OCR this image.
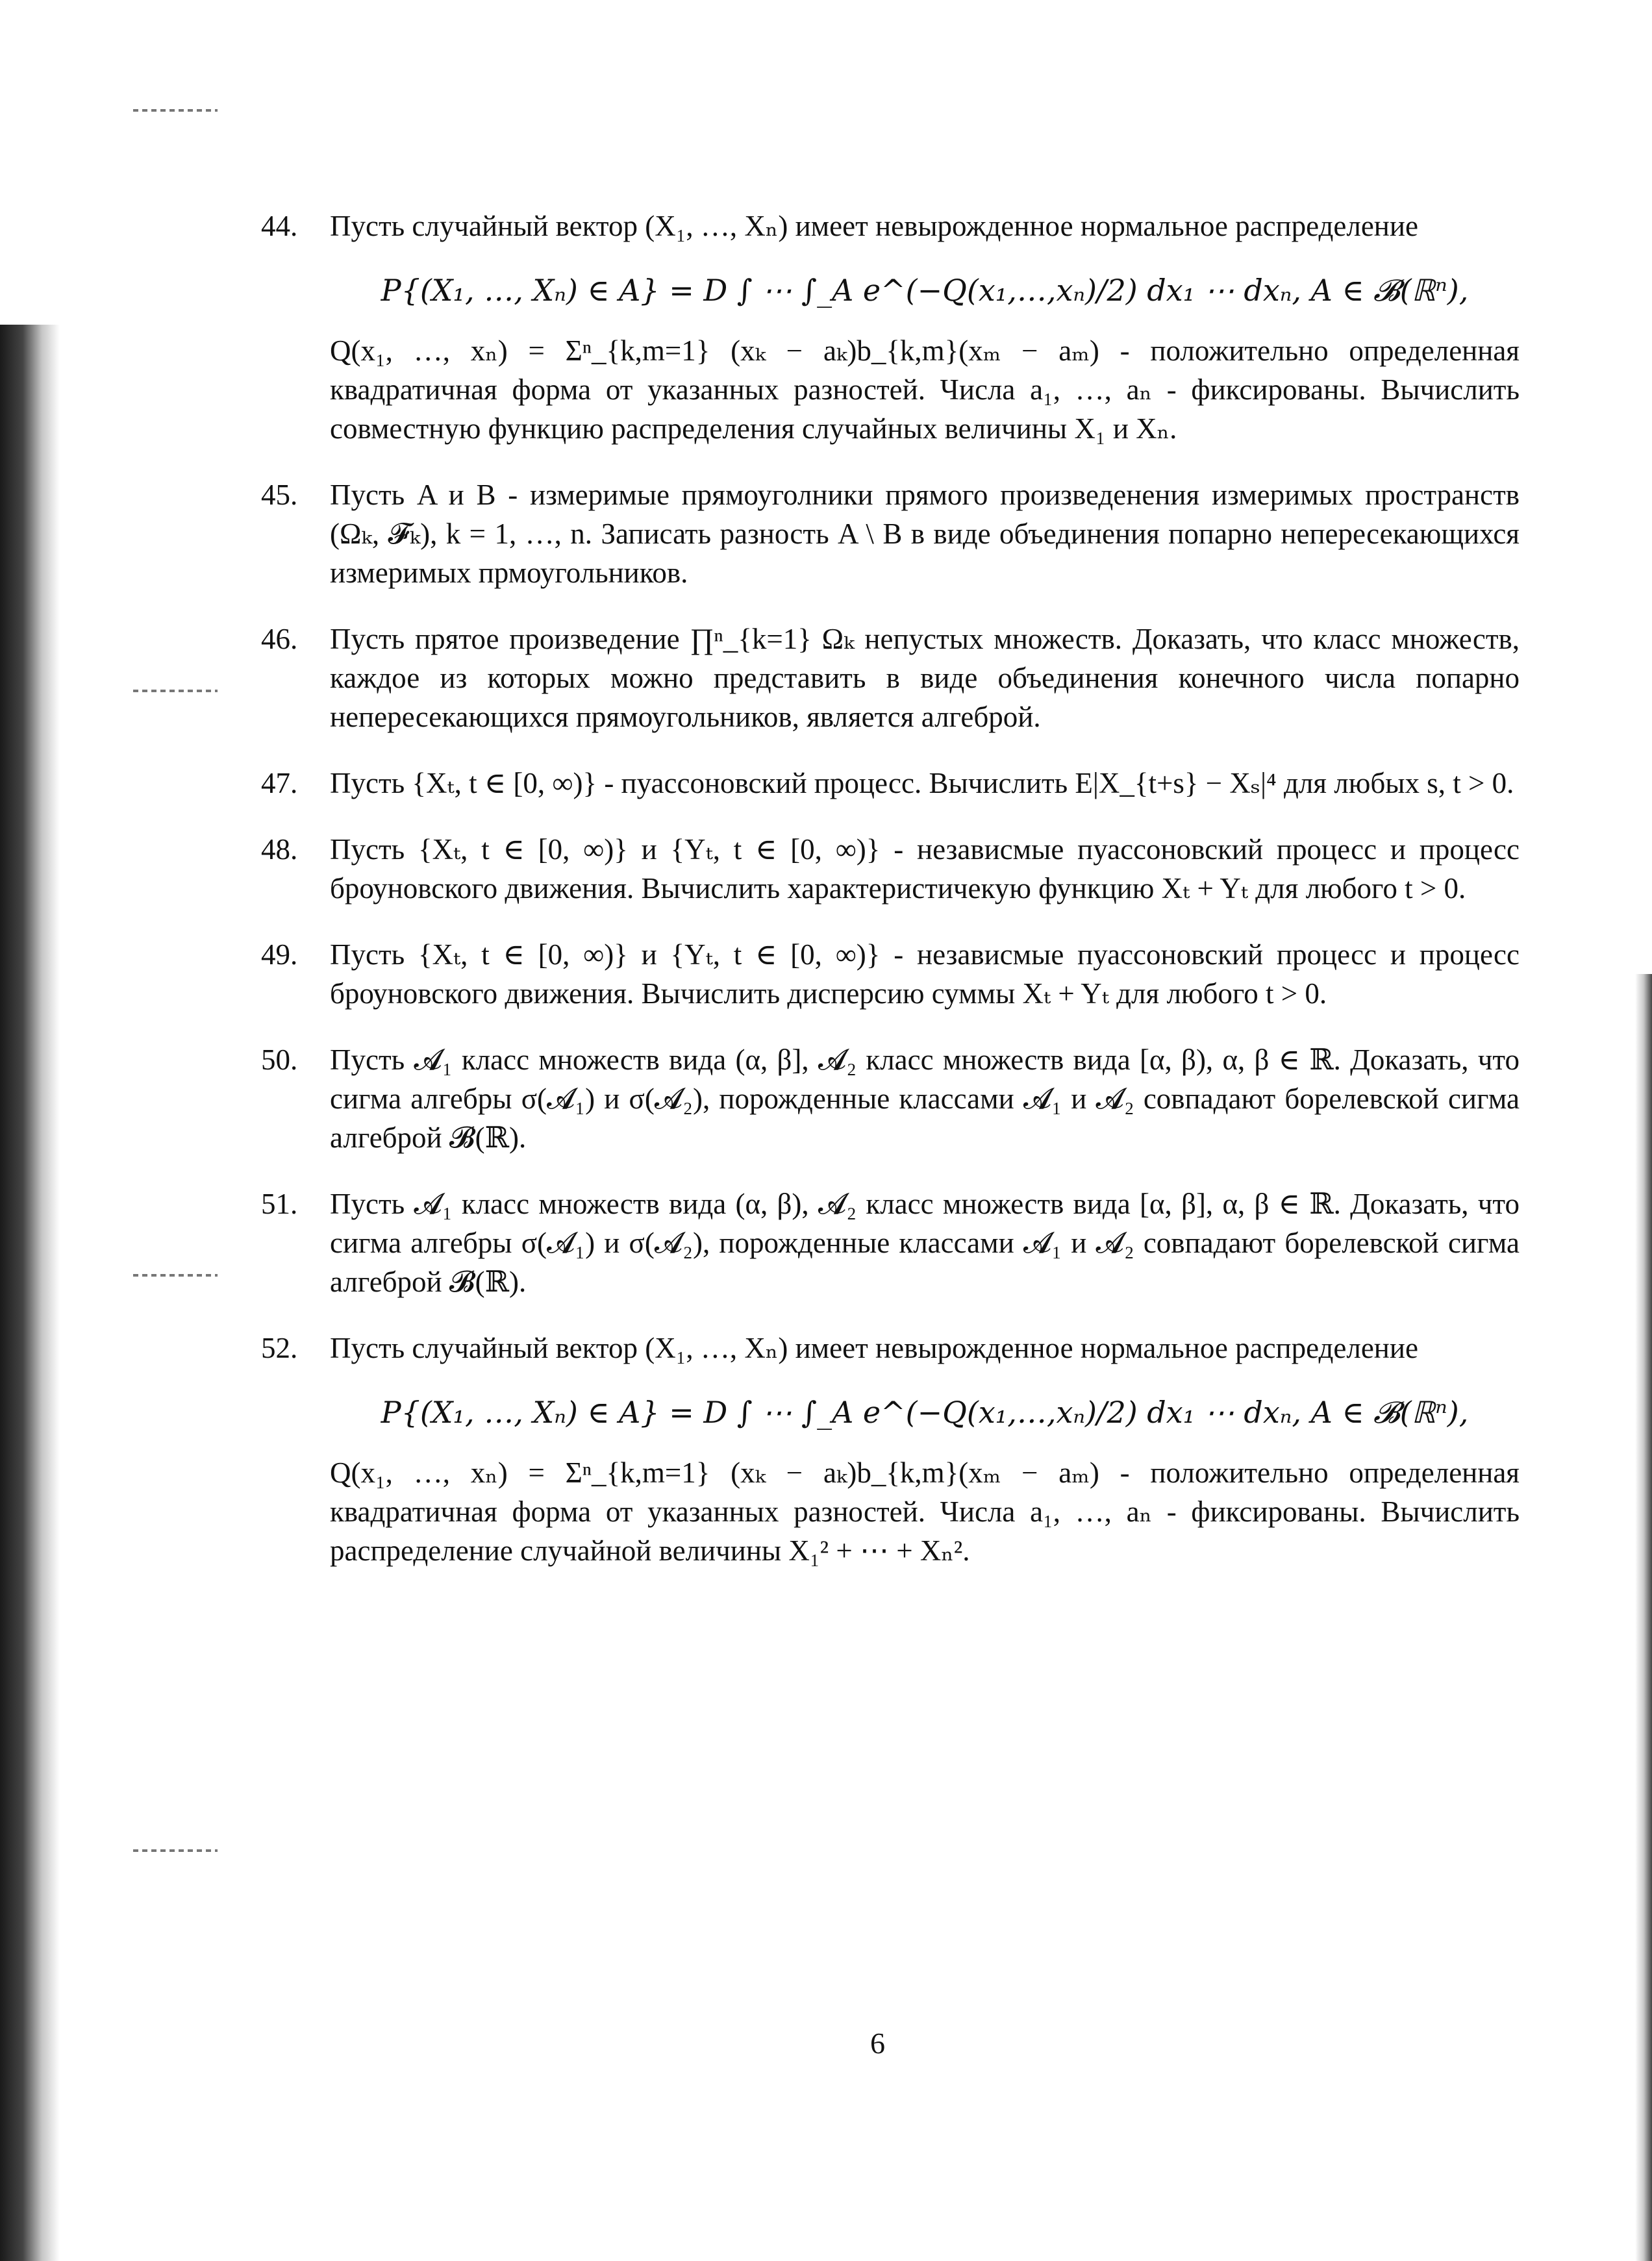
44. Пусть случайный вектор (X₁, …, Xₙ) имеет невырожденное нормальное распределение
P{(X₁, …, Xₙ) ∈ A} = D ∫ ⋯ ∫_A e^(−Q(x₁,…,xₙ)/2) dx₁ ⋯ dxₙ, A ∈ 𝓑(ℝⁿ),
Q(x₁, …, xₙ) = Σⁿ_{k,m=1} (xₖ − aₖ)b_{k,m}(xₘ − aₘ) - положительно определенная квадратичная форма от указанных разностей. Числа a₁, …, aₙ - фиксированы. Вычислить совместную функцию распределения случайных величины X₁ и Xₙ.
45. Пусть A и B - измеримые прямоуголники прямого произведенения измеримых пространств (Ωₖ, 𝓕ₖ), k = 1, …, n. Записать разность A \ B в виде объединения попарно непересекающихся измеримых прмоугольников.
46. Пусть прятое произведение ∏ⁿ_{k=1} Ωₖ непустых множеств. Доказать, что класс множеств, каждое из которых можно представить в виде объединения конечного числа попарно непересекающихся прямоугольников, является алгеброй.
47. Пусть {Xₜ, t ∈ [0, ∞)} - пуассоновский процесс. Вычислить E|X_{t+s} − Xₛ|⁴ для любых s, t > 0.
48. Пусть {Xₜ, t ∈ [0, ∞)} и {Yₜ, t ∈ [0, ∞)} - независмые пуассоновский процесс и процесс броуновского движения. Вычислить характеристичекую функцию Xₜ + Yₜ для любого t > 0.
49. Пусть {Xₜ, t ∈ [0, ∞)} и {Yₜ, t ∈ [0, ∞)} - независмые пуассоновский процесс и процесс броуновского движения. Вычислить дисперсию суммы Xₜ + Yₜ для любого t > 0.
50. Пусть 𝓐₁ класс множеств вида (α, β], 𝓐₂ класс множеств вида [α, β), α, β ∈ ℝ. Доказать, что сигма алгебры σ(𝓐₁) и σ(𝓐₂), порожденные классами 𝓐₁ и 𝓐₂ совпадают борелевской сигма алгеброй 𝓑(ℝ).
51. Пусть 𝓐₁ класс множеств вида (α, β), 𝓐₂ класс множеств вида [α, β], α, β ∈ ℝ. Доказать, что сигма алгебры σ(𝓐₁) и σ(𝓐₂), порожденные классами 𝓐₁ и 𝓐₂ совпадают борелевской сигма алгеброй 𝓑(ℝ).
52. Пусть случайный вектор (X₁, …, Xₙ) имеет невырожденное нормальное распределение
P{(X₁, …, Xₙ) ∈ A} = D ∫ ⋯ ∫_A e^(−Q(x₁,…,xₙ)/2) dx₁ ⋯ dxₙ, A ∈ 𝓑(ℝⁿ),
Q(x₁, …, xₙ) = Σⁿ_{k,m=1} (xₖ − aₖ)b_{k,m}(xₘ − aₘ) - положительно определенная квадратичная форма от указанных разностей. Числа a₁, …, aₙ - фиксированы. Вычислить распределение случайной величины X₁² + ⋯ + Xₙ².
6
